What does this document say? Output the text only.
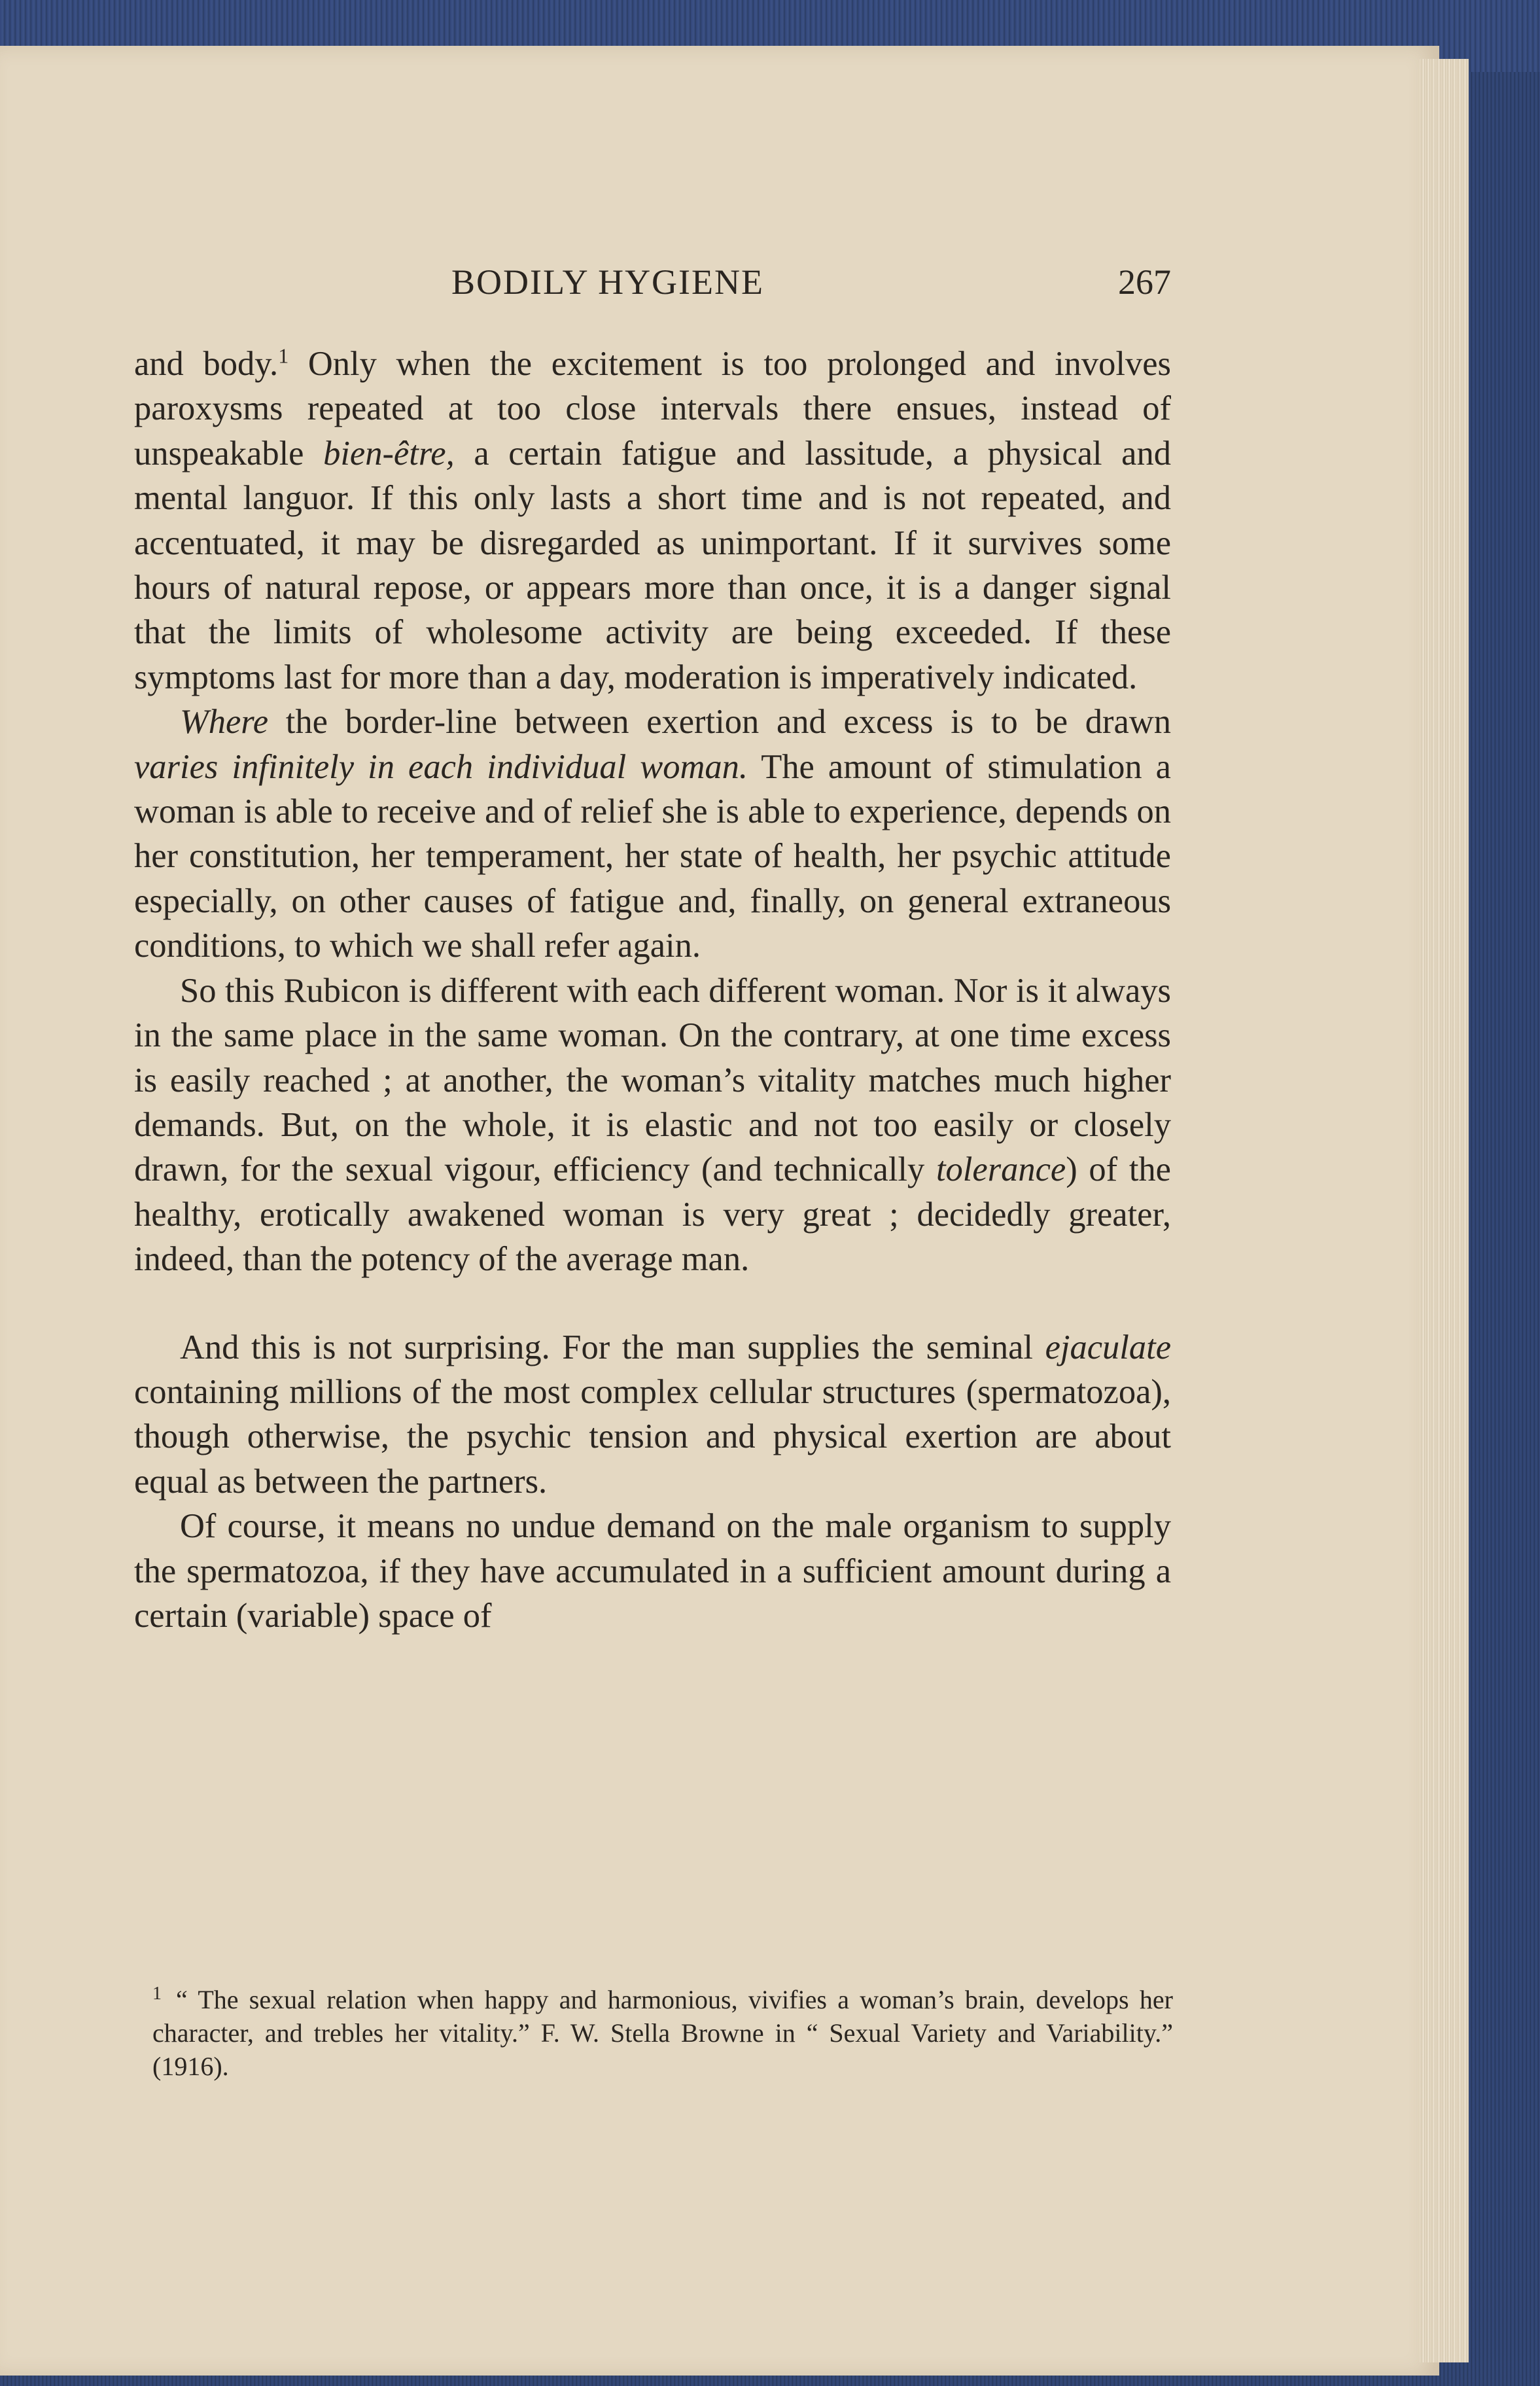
BODILY HYGIENE	267

and body.$^1$ Only when the excitement is too prolonged and involves paroxysms repeated at too close intervals there ensues, instead of unspeakable bien-être, a certain fatigue and lassitude, a physical and mental languor. If this only lasts a short time and is not repeated, and accentuated, it may be disregarded as unimportant. If it survives some hours of natural repose, or appears more than once, it is a danger signal that the limits of wholesome activity are being exceeded. If these symptoms last for more than a day, moderation is imperatively indicated.

Where the border-line between exertion and excess is to be drawn varies infinitely in each individual woman. The amount of stimulation a woman is able to receive and of relief she is able to experience, depends on her constitution, her temperament, her state of health, her psychic attitude especially, on other causes of fatigue and, finally, on general extraneous conditions, to which we shall refer again.

So this Rubicon is different with each different woman. Nor is it always in the same place in the same woman. On the contrary, at one time excess is easily reached ; at another, the woman’s vitality matches much higher demands. But, on the whole, it is elastic and not too easily or closely drawn, for the sexual vigour, efficiency (and technically tolerance) of the healthy, erotically awakened woman is very great ; decidedly greater, indeed, than the potency of the average man.

And this is not surprising. For the man supplies the seminal ejaculate containing millions of the most complex cellular structures (spermatozoa), though otherwise, the psychic tension and physical exertion are about equal as between the partners.

Of course, it means no undue demand on the male organism to supply the spermatozoa, if they have accumulated in a sufficient amount during a certain (variable) space of

$^1$ “ The sexual relation when happy and harmonious, vivifies a woman’s brain, develops her character, and trebles her vitality.” F. W. Stella Browne in “ Sexual Variety and Variability.” (1916).
